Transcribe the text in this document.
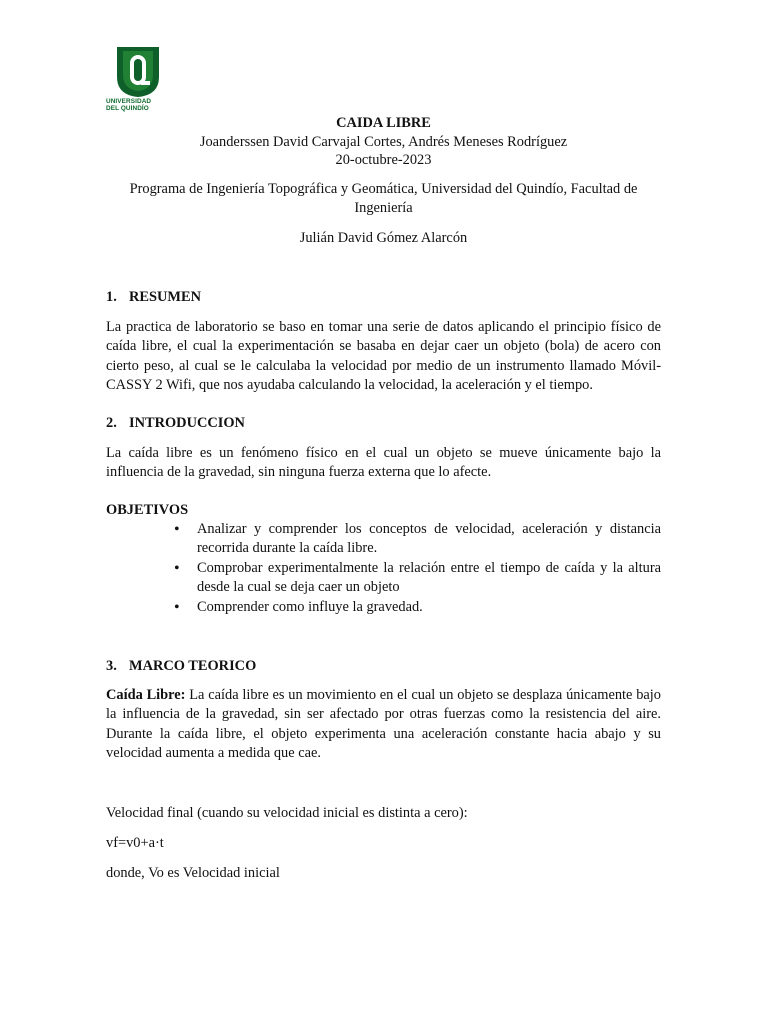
UNIVERSIDAD
DEL QUINDÍO

CAIDA LIBRE

Joanderssen David Carvajal Cortes, Andrés Meneses Rodríguez

20-octubre-2023

Programa de Ingeniería Topográfica y Geomática, Universidad del Quindío, Facultad de

Ingeniería

Julián David Gómez Alarcón

1. RESUMEN

La practica de laboratorio se baso en tomar una serie de datos aplicando el principio físico de caída libre, el cual la experimentación se basaba en dejar caer un objeto (bola) de acero con cierto peso, al cual se le calculaba la velocidad por medio de un instrumento llamado Móvil-CASSY 2 Wifi, que nos ayudaba calculando la velocidad, la aceleración y el tiempo.

2. INTRODUCCION

La caída libre es un fenómeno físico en el cual un objeto se mueve únicamente bajo la influencia de la gravedad, sin ninguna fuerza externa que lo afecte.

OBJETIVOS

• Analizar y comprender los conceptos de velocidad, aceleración y distancia recorrida durante la caída libre.
• Comprobar experimentalmente la relación entre el tiempo de caída y la altura desde la cual se deja caer un objeto
• Comprender como influye la gravedad.

3. MARCO TEORICO

Caída Libre: La caída libre es un movimiento en el cual un objeto se desplaza únicamente bajo la influencia de la gravedad, sin ser afectado por otras fuerzas como la resistencia del aire. Durante la caída libre, el objeto experimenta una aceleración constante hacia abajo y su velocidad aumenta a medida que cae.

Velocidad final (cuando su velocidad inicial es distinta a cero):

vf=v0+a·t

donde, Vo es Velocidad inicial
